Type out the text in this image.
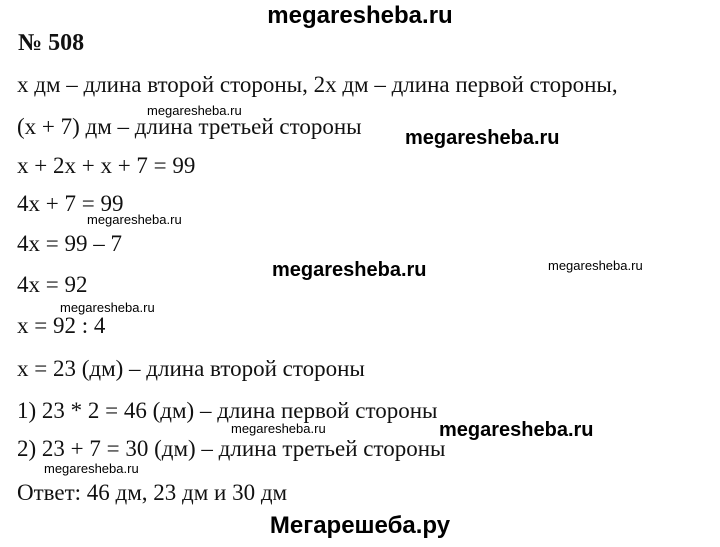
megaresheba.ru
№ 508
x дм – длина второй стороны, 2x дм – длина первой стороны,
(x + 7) дм – длина третьей стороны
x + 2x + x + 7 = 99
4x + 7 = 99
4x = 99 – 7
4x = 92
x = 92 : 4
x = 23 (дм) – длина второй стороны
1) 23 * 2 = 46 (дм) – длина первой стороны
2) 23 + 7 = 30 (дм) – длина третьей стороны
Ответ: 46 дм, 23 дм и 30 дм
megaresheba.ru
megaresheba.ru
megaresheba.ru
megaresheba.ru	megaresheba.ru
megaresheba.ru
megaresheba.ru	megaresheba.ru
megaresheba.ru
Мегарешеба.ру
